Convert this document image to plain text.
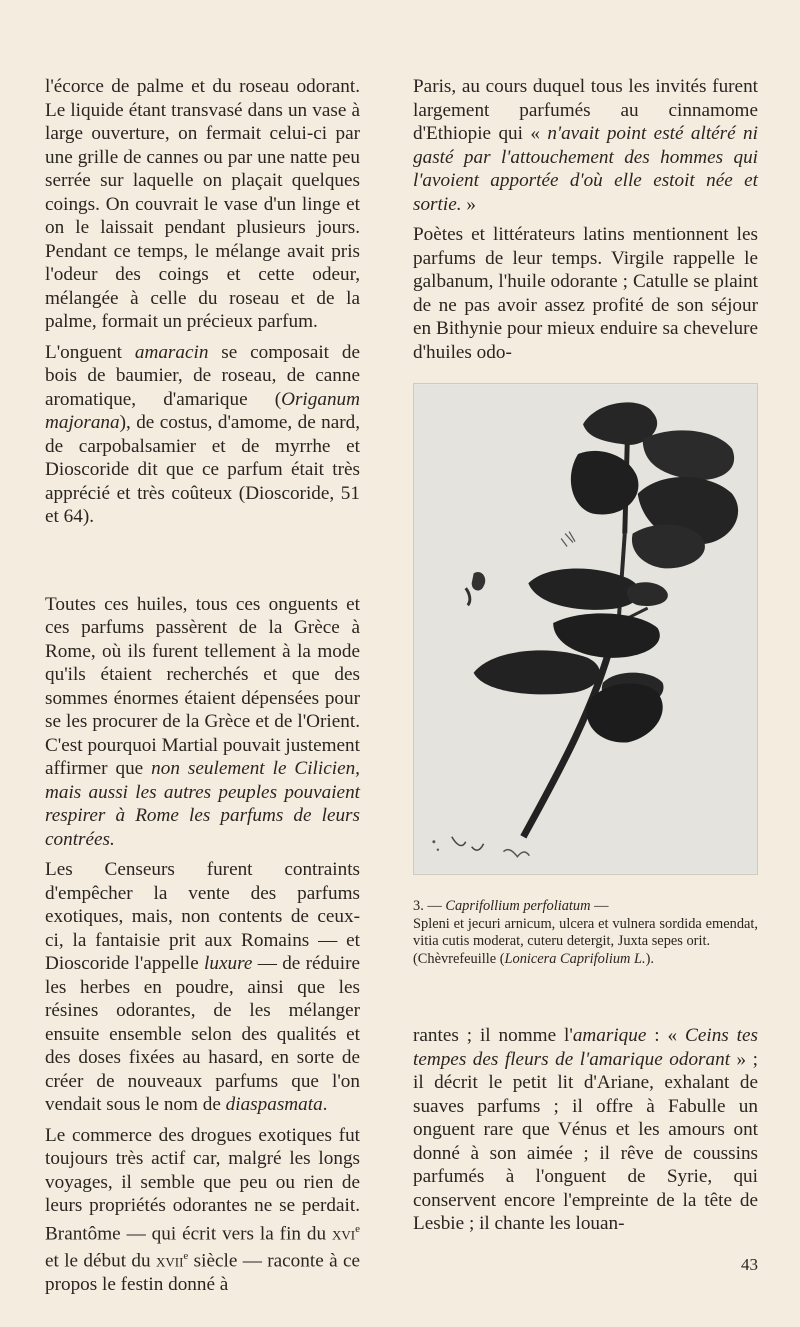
l'écorce de palme et du roseau odorant. Le liquide étant transvasé dans un vase à large ouverture, on fermait celui-ci par une grille de cannes ou par une natte peu serrée sur laquelle on plaçait quelques coings. On couvrait le vase d'un linge et on le laissait pendant plusieurs jours. Pendant ce temps, le mélange avait pris l'odeur des coings et cette odeur, mélangée à celle du roseau et de la palme, formait un précieux parfum.

L'onguent amaracin se composait de bois de baumier, de roseau, de canne aromatique, d'amarique (Origanum majorana), de costus, d'amome, de nard, de carpobalsamier et de myrrhe et Dioscoride dit que ce parfum était très apprécié et très coûteux (Dioscoride, 51 et 64).

Toutes ces huiles, tous ces onguents et ces parfums passèrent de la Grèce à Rome, où ils furent tellement à la mode qu'ils étaient recherchés et que des sommes énormes étaient dépensées pour se les procurer de la Grèce et de l'Orient. C'est pourquoi Martial pouvait justement affirmer que non seulement le Cilicien, mais aussi les autres peuples pouvaient respirer à Rome les parfums de leurs contrées.

Les Censeurs furent contraints d'empêcher la vente des parfums exotiques, mais, non contents de ceux-ci, la fantaisie prit aux Romains — et Dioscoride l'appelle luxure — de réduire les herbes en poudre, ainsi que les résines odorantes, de les mélanger ensuite ensemble selon des qualités et des doses fixées au hasard, en sorte de créer de nouveaux parfums que l'on vendait sous le nom de diaspasmata.

Le commerce des drogues exotiques fut toujours très actif car, malgré les longs voyages, il semble que peu ou rien de leurs propriétés odorantes ne se perdait. Brantôme — qui écrit vers la fin du xvi$^e$ et le début du xvii$^e$ siècle — raconte à ce propos le festin donné à

Paris, au cours duquel tous les invités furent largement parfumés au cinnamome d'Ethiopie qui « n'avait point esté altéré ni gasté par l'attouchement des hommes qui l'avoient apportée d'où elle estoit née et sortie. »

Poètes et littérateurs latins mentionnent les parfums de leur temps. Virgile rappelle le galbanum, l'huile odorante ; Catulle se plaint de ne pas avoir assez profité de son séjour en Bithynie pour mieux enduire sa chevelure d'huiles odo-

3. — Caprifollium perfoliatum —

Spleni et jecuri arnicum, ulcera et vulnera sordida emendat, vitia cutis moderat, cuteru detergit, Juxta sepes orit.

(Chèvrefeuille (Lonicera Caprifolium L.).

rantes ; il nomme l'amarique : « Ceins tes tempes des fleurs de l'amarique odorant » ; il décrit le petit lit d'Ariane, exhalant de suaves parfums ; il offre à Fabulle un onguent rare que Vénus et les amours ont donné à son aimée ; il rêve de coussins parfumés à l'onguent de Syrie, qui conservent encore l'empreinte de la tête de Lesbie ; il chante les louan-

43
